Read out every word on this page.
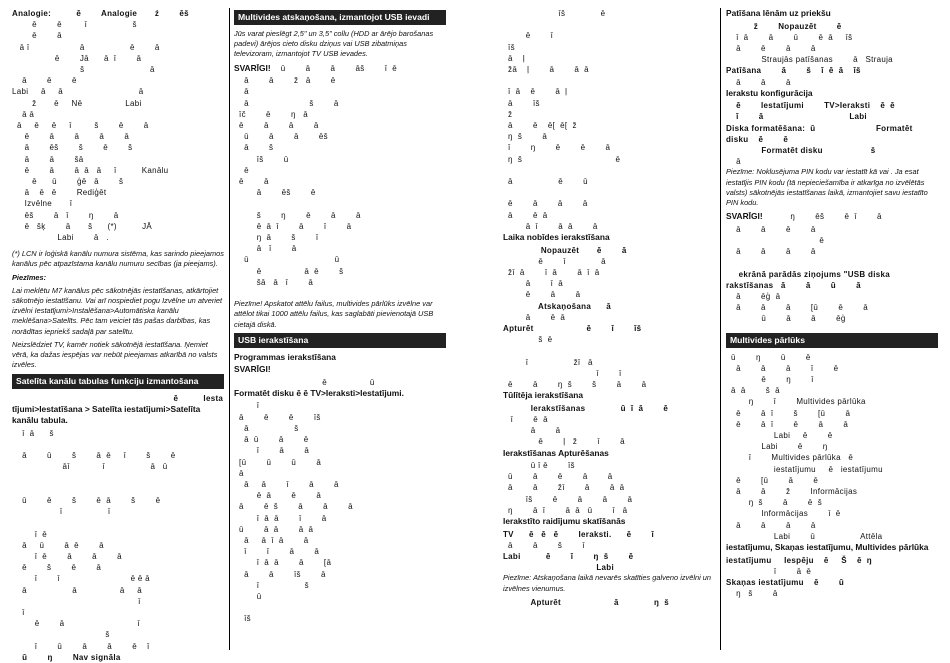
Analogie:          ē        Analogie       ź        ēš

ē        ē         ī                  š

ē        ā

ā ī                    ā                  ē        ā

ē        Jā      ā  ī        ā

š                          ā

ā        ē        ē

Labi     ā     ā                              ā

ž       ē     Nē                 Labi

ā ā

ā     ē     ē     ī         š        ē        ā

ē        ā        ā        ā        ā

ā        ēš        š        ē        š

ā        ā        šā

ē        ā        ā  ā   ā     ī          Kanālu

ē      ū        ģē   ā        š

ā    ē   ē        Rediģēt

Izvēlne       ī

ēš        ā   ī        ŋ        ā

ē   šķ        ā       š      (*)          JĀ

Labi        ā   .

(*) LCN ir loģiskā kanālu numura sistēma, kas sarindo pieejamos kanālus pēc atpazīstama kanālu numuru secības (ja pieejams).

Piezīmes:

Lai meklētu M7 kanālus pēc sākotnējās iestatīšanas, atkārtojiet sākotnējo iestatīšanu. Vai arī nospiediet pogu Izvēlne un atveriet izvēlni Iestatījumi>Instalēšana>Automātiska kanālu meklēšana>Satelīts. Pēc tam veiciet tās pašas darbības, kas norādītas iepriekš sadaļā par satelītu.

Neizslēdziet TV, kamēr notiek sākotnējā iestatīšana. Ņemiet vērā, ka dažas iespējas var nebūt pieejamas atkarībā no valsts izvēles.

Satelīta kanālu tabulas funkciju izmantošana

ē          Iesta

tījumi>Iestatīšana > Satelīta iestatījumi>Satelīta kanālu tabula.

ī  ā      š

ā        ū        š        ā  ē     ī        š        ē

āī             ī                  ā   ū

ū        ē        š        ē  ā        š        ē

ī                  ī

ī  ē

ā     ū        ā  ē        ā

ī  ē        ā        ā        ā

ē        š        ē        ā

ī        ī                            ē ē ā

ā                  ā                 ā     ā

ī

ī

ē        ā                             ī

š

ī        ū        ā        ā        ē    ī

ū        ŋ        Nav signāla

Multivides atskaņošana, izmantojot USB ievadi

Jūs varat pieslēgt 2,5" un 3,5" collu (HDD ar ārējo barošanas padevi) ārējos cieto disku dziņus vai USB zibatmiņas televizoram, izmantojot TV USB ievades.

SVARĪGI!    ū        ā        ā        āš        ī  ē

ā        ā        ž   ā        ē

ā

ā                        š        ā

īč        ē        ŋ   ā

ē        ā        ā        ā

ū        ā        ā        ēš

ā        š

īš        ū

ē

ē        ā

ā        ēš        ē

š        ŋ        ē        ā        ā

ē  ā  ī        ā        ī        ā

ŋ  ā        š        ī

ā   ī        ā

ū                                  ū

ē                 ā  ē        š

šā   ā   ī        ā

Piezīme! Apskatot attēlu failus, multivides pārlūks izvēlne var attēlot tikai 1000 attēlu failus, kas saglabāti pievienotajā USB cietajā diskā.

USB ierakstīšana

Programmas ierakstīšana

SVARĪGI!

ē                 ū

Formatēt disku ē ē TV>Ieraksti>Iestatījumi.

ī

ā        ē        ē        īš

ā                  š

ā  ū        ā        ē

ī        ā        ā

[ū        ū        ū        ā

ā

ā     ā        ī        ā        ā

ē  ā        ē        ā

ā        ē  š        ā        ā        ā

ī  ā  ā        ī        ā

ū        ā  ā        ā  ā

ā     ā  ī  ā        ā

ī        ī        ā        ā

ī  ā  ā        ā        [ā

ā        ā        īš        ā

ī                  š

ū

īš

īš              ē

ē        ī

īš

ā    ļ

žā    ļ        ā        ā  ā

ī  ā    ē        ā  ļ

ā        īš

ž

ā        ē    ē[  ē[  ž

ŋ  š        ā

ī        ŋ        ē        ē        ā

ŋ  š                                     ē

ā                  ē        ū

ē        ā        ā        ā

ā        ē  ā

ā  ī        ā  ā        ā

Laika nobīdes ierakstīšana

Nopauzēt       ē        ā

ē        ī              ā

žī  ā        ī  ā        ā  ī  ā

ā        ī  ā

ē        ā        ā

Atskaņošana      ā

ā        ē  ā

Apturēt                     ē        ī        īš

š  ē

ī                  žī   ā

ī        ī

ē        ā        ŋ  š        š        ā        ā

Tūlītēja ierakstīšana

Ierakstīšanas              ū  ī  ā        ē

ī        ē  ā

ā        ā

ē        ļ   ž        ī        ā

Ierakstīšanas Apturēšanas

ū ī ē        īš

ū        ā        ē        ā        ā

ā        ā        žī        ā        ā  ā

īš        ē        ā        ā        ā

ŋ        ā  ī        ā  ā   ū        ī   ā

Ierakstīto raidījumu skatīšanās

TV      ē   ē   ē        Ieraksti.      ē        ī

ā        ā        š        ī

Labi          ē        ī        ŋ  š        ē

Labi

Piezīme: Atskaņošana laikā nevarēs skatīties galveno izvēlni un izvēlnes vienumus.

Apturēt                     ā              ŋ  š

Patīšana lēnām uz priekšu

ž        Nopauzēt        ē

ī  ā        ā        ū        ē  ā     īš

ā        ē        ā        ā

Straujās patīšanas        ā   Strauja

Patīšana        ā        š    ī  ē  ā    īš

ā        ā        ā

Ierakstu konfigurācija

ē        Iestatījumi        TV>Ieraksti    ē  ē

ī        ā                                  Labi

Diska formatēšana:  ū                        Formatēt

disku    ē        ē

Formatēt disku                   š

ā

Piezīme: Noklusējuma PIN kodu var iestatīt kā vai . Ja esat iestatījis PIN kodu (tā nepieciešamība ir atkarīga no izvēlētās valsts) sākotnējās iestatīšanas laikā, izmantojiet savu iestatīto PIN kodu.

SVARĪGI!           ŋ        ēš        ē  ī        ā

ā        ā        ē        ā

ē

ā        ā        ā        ā

ekrānā parādās ziņojums "USB diska

rakstīšanas   ā        ā        ū        ā

ā        ēģ  ā

ā        ā        ā        [ū        ē        ā

ū        ā        ā        ēģ

Multivides pārlūks

ū        ŋ        ū        ē

ā        ā        ā        ī        ē

ē        ŋ        ī

ā  ā        š  ā

ŋ        ī        Multivides pārlūka

ē        ā  ī        š        [ū        ā

ē        ā  ī        ē        ā        ā

Labi     ē        ē

Labi        ē        ŋ

ī        Multivides pārlūka   ē

iestatījumu     ē   iestatījumu

ē        [ū        ā        ē

ā        ā        ž        Informācijas

ŋ  š        ā        ē  š

Informācijas        ī  ē

ā        ā        ā        ā

Labi        ū                  Attēla

iestatījumu, Skaņas iestatījumu, Multivides pārlūka

iestatījumu     Iespēju    ē     Š    ē  ŋ

ī        ā  ē

Skaņas iestatījumu    ē        ū

ŋ   š        ā
